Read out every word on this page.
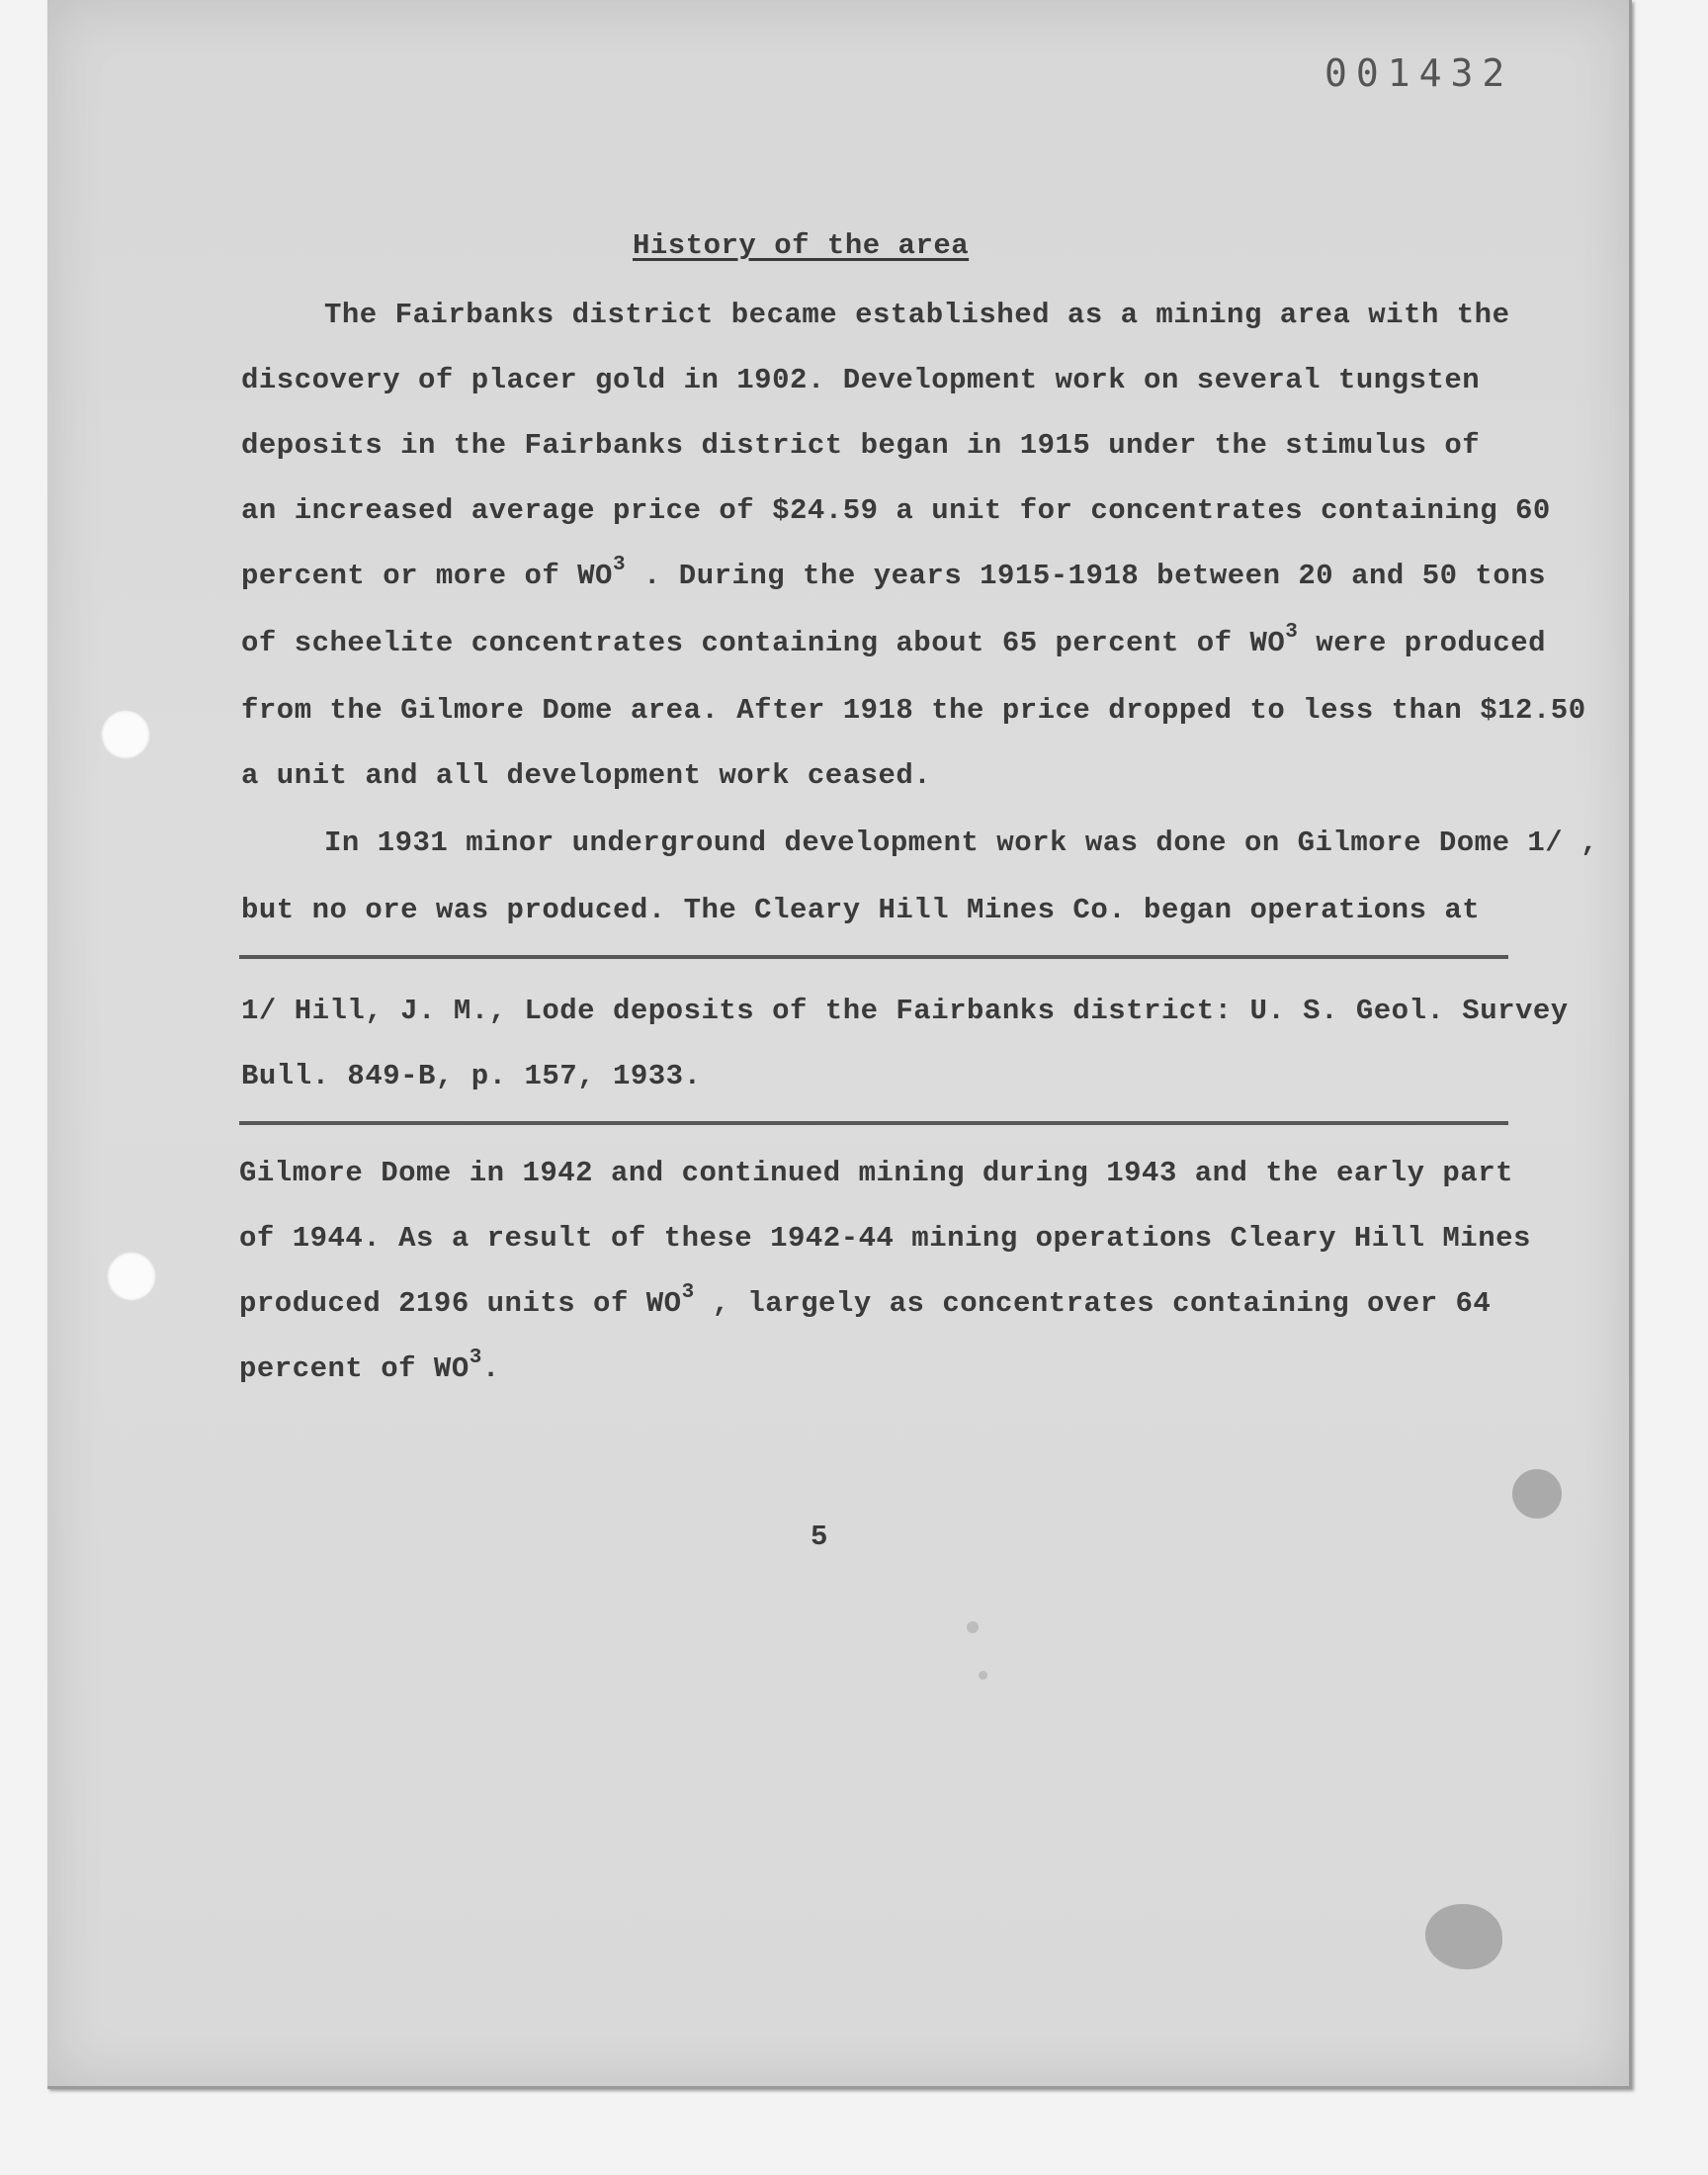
001432
History of the area
The Fairbanks district became established as a mining area with the
discovery of placer gold in 1902. Development work on several tungsten
deposits in the Fairbanks district began in 1915 under the stimulus of
an increased average price of $24.59 a unit for concentrates containing 60
percent or more of $WO^3$ . During the years 1915-1918 between 20 and 50 tons
of scheelite concentrates containing about 65 percent of $WO^3$ were produced
from the Gilmore Dome area. After 1918 the price dropped to less than $12.50
a unit and all development work ceased.
In 1931 minor underground development work was done on Gilmore Dome 1/ ,
but no ore was produced. The Cleary Hill Mines Co. began operations at
1/ Hill, J. M., Lode deposits of the Fairbanks district: U. S. Geol. Survey
Bull. 849-B, p. 157, 1933.
Gilmore Dome in 1942 and continued mining during 1943 and the early part
of 1944. As a result of these 1942-44 mining operations Cleary Hill Mines
produced 2196 units of $WO^3$ , largely as concentrates containing over 64
percent of $WO^3$.
5
